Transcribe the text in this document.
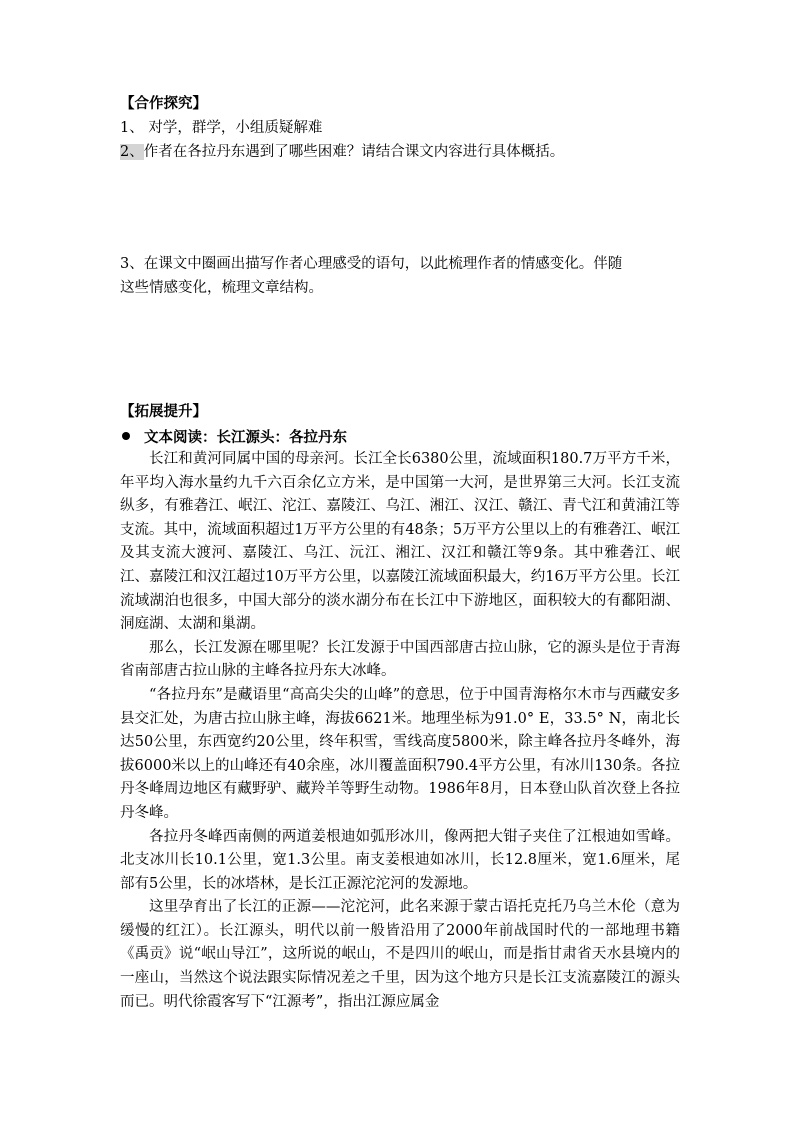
【合作探究】
1、 对学，群学，小组质疑解难
2、作者在各拉丹东遇到了哪些困难？请结合课文内容进行具体概括。
3、在课文中圈画出描写作者心理感受的语句，以此梳理作者的情感变化。伴随
这些情感变化，梳理文章结构。
【拓展提升】
文本阅读：长江源头：各拉丹东

长江和黄河同属中国的母亲河。长江全长6380公里，流域面积180.7万平方千米，年平均入海水量约九千六百余亿立方米，是中国第一大河，是世界第三大河。长江支流纵多，有雅砻江、岷江、沱江、嘉陵江、乌江、湘江、汉江、赣江、青弋江和黄浦江等支流。其中，流域面积超过1万平方公里的有48条；5万平方公里以上的有雅砻江、岷江及其支流大渡河、嘉陵江、乌江、沅江、湘江、汉江和赣江等9条。其中雅砻江、岷江、嘉陵江和汉江超过10万平方公里，以嘉陵江流域面积最大，约16万平方公里。长江流域湖泊也很多，中国大部分的淡水湖分布在长江中下游地区，面积较大的有鄱阳湖、洞庭湖、太湖和巢湖。

那么，长江发源在哪里呢？长江发源于中国西部唐古拉山脉，它的源头是位于青海省南部唐古拉山脉的主峰各拉丹东大冰峰。

“各拉丹东”是藏语里“高高尖尖的山峰”的意思，位于中国青海格尔木市与西藏安多县交汇处，为唐古拉山脉主峰，海拔6621米。地理坐标为91.0° E，33.5° N，南北长达50公里，东西宽约20公里，终年积雪，雪线高度5800米，除主峰各拉丹冬峰外，海拔6000米以上的山峰还有40余座，冰川覆盖面积790.4平方公里，有冰川130条。各拉丹冬峰周边地区有藏野驴、藏羚羊等野生动物。1986年8月，日本登山队首次登上各拉丹冬峰。

各拉丹冬峰西南侧的两道姜根迪如弧形冰川，像两把大钳子夹住了江根迪如雪峰。北支冰川长10.1公里，宽1.3公里。南支姜根迪如冰川，长12.8厘米，宽1.6厘米，尾部有5公里，长的冰塔林，是长江正源沱沱河的发源地。

这里孕育出了长江的正源——沱沱河，此名来源于蒙古语托克托乃乌兰木伦（意为缓慢的红江）。长江源头，明代以前一般皆沿用了2000年前战国时代的一部地理书籍《禹贡》说“岷山导江”，这所说的岷山，不是四川的岷山，而是指甘肃省天水县境内的一座山，当然这个说法跟实际情况差之千里，因为这个地方只是长江支流嘉陵江的源头而已。明代徐霞客写下“江源考”，指出江源应属金
